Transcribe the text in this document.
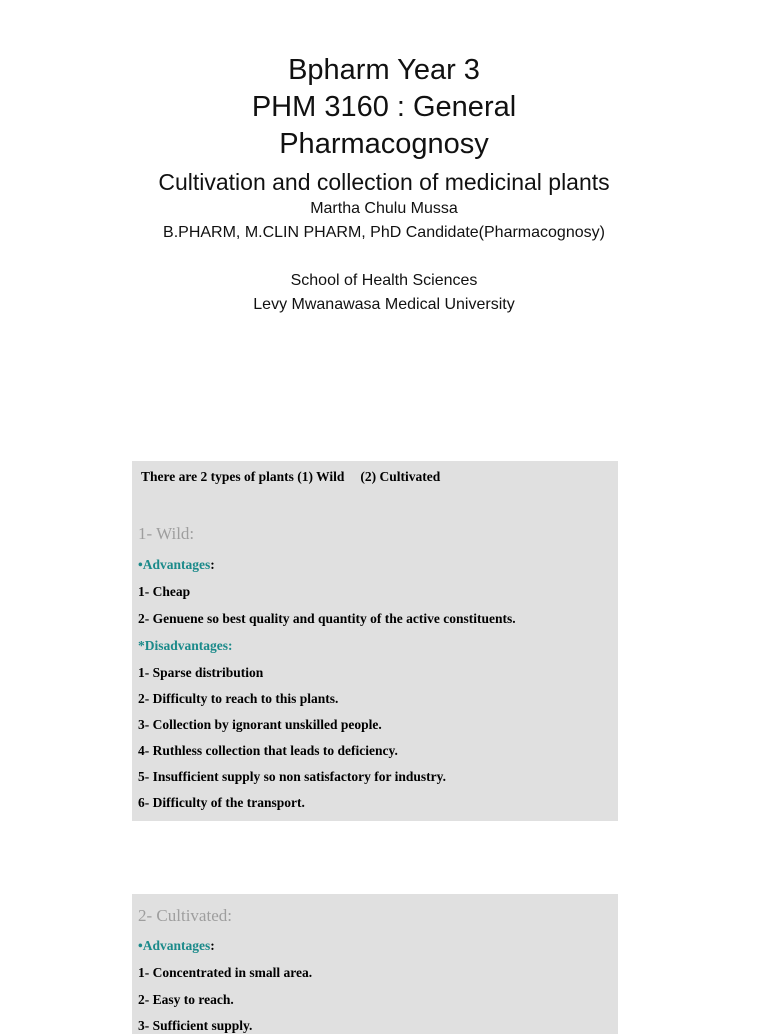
Bpharm Year 3
PHM 3160 : General
Pharmacognosy
Cultivation and collection of medicinal plants
Martha Chulu Mussa
B.PHARM, M.CLIN PHARM, PhD Candidate(Pharmacognosy)
School of Health Sciences
Levy Mwanawasa Medical University
There are 2 types of plants (1) Wild (2) Cultivated
1- Wild:
•Advantages:
1- Cheap
2- Genuene so best quality and quantity of the active constituents.
*Disadvantages:
1- Sparse distribution
2- Difficulty to reach to this plants.
3- Collection by ignorant unskilled people.
4- Ruthless collection that leads to deficiency.
5- Insufficient supply so non satisfactory for industry.
6- Difficulty of the transport.
2- Cultivated:
•Advantages:
1- Concentrated in small area.
2- Easy to reach.
3- Sufficient supply.
